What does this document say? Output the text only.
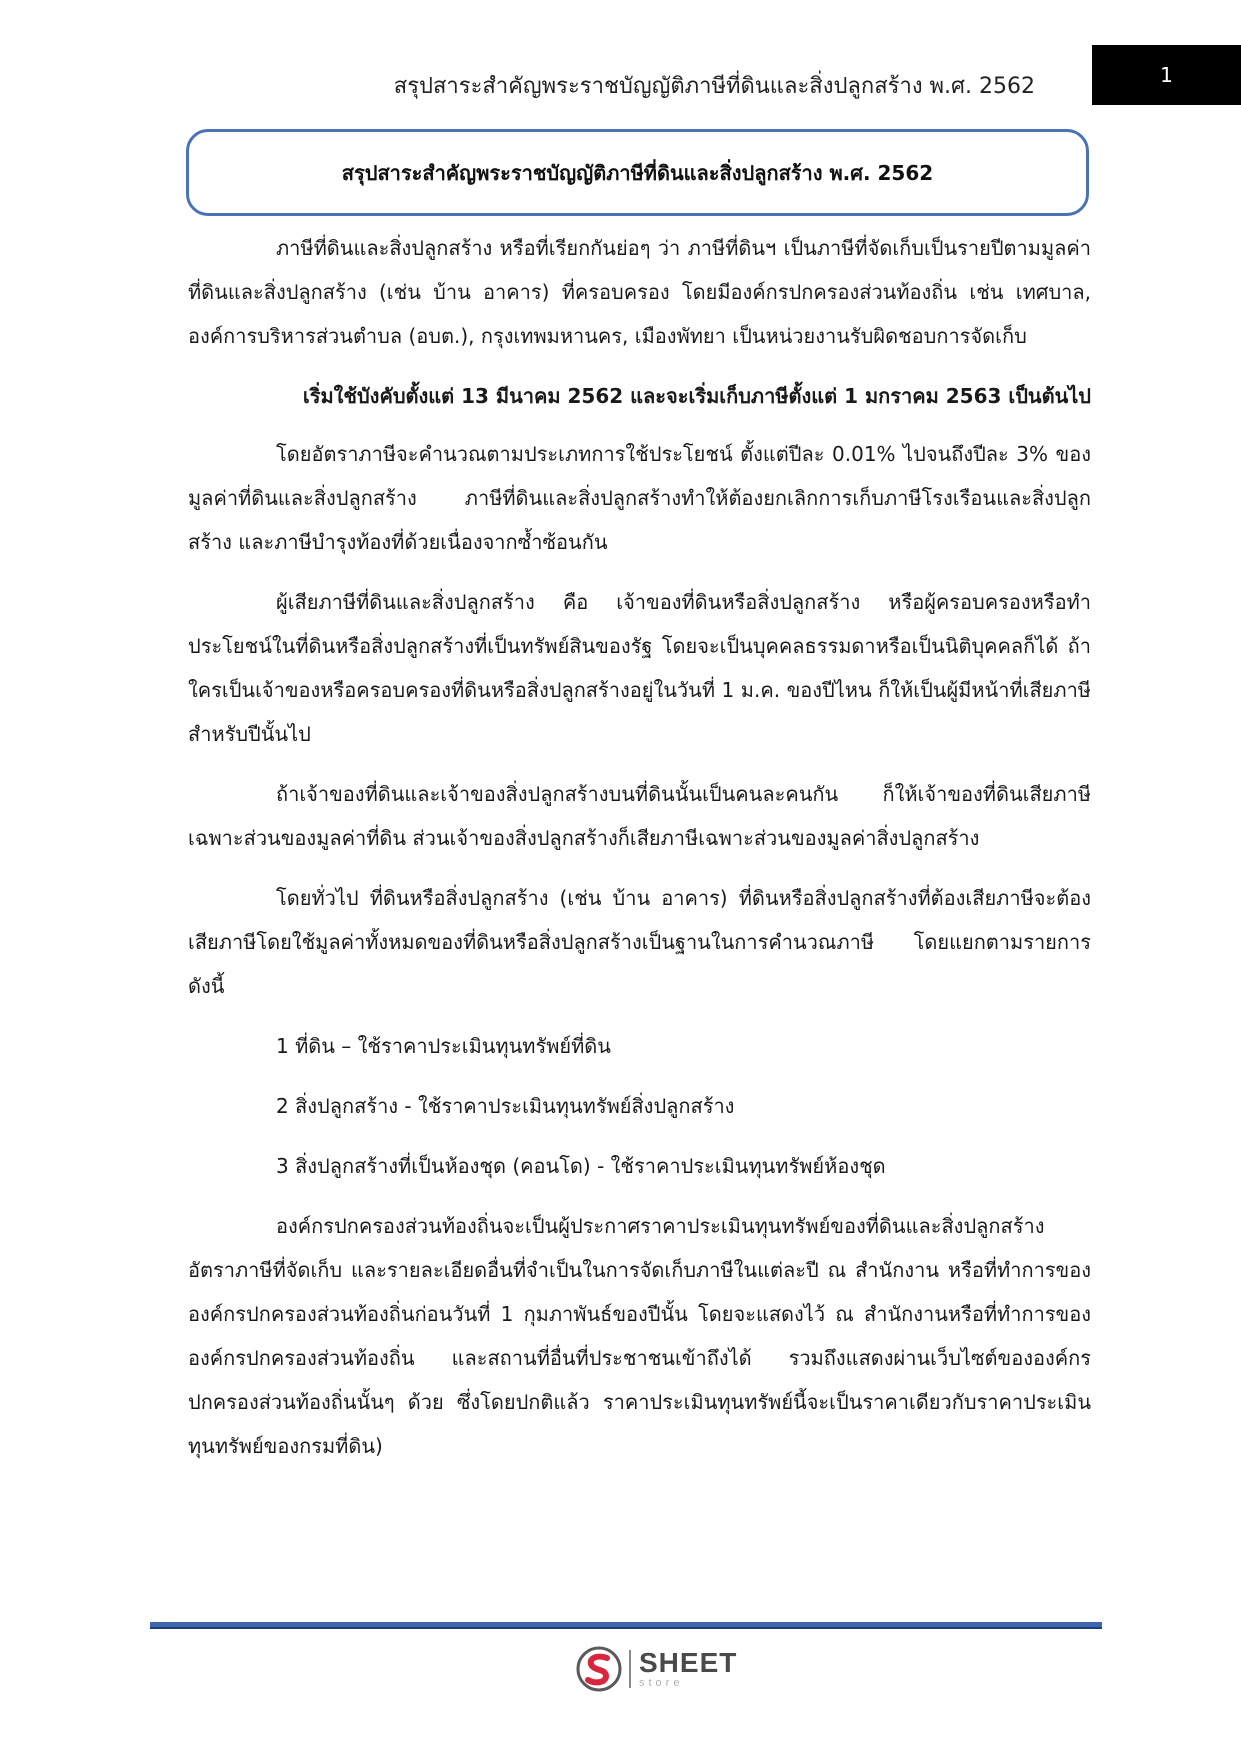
สรุปสาระสำคัญพระราชบัญญัติภาษีที่ดินและสิ่งปลูกสร้าง พ.ศ. 2562	1
สรุปสาระสำคัญพระราชบัญญัติภาษีที่ดินและสิ่งปลูกสร้าง พ.ศ. 2562

ภาษีที่ดินและสิ่งปลูกสร้าง หรือที่เรียกกันย่อๆ ว่า ภาษีที่ดินฯ เป็นภาษีที่จัดเก็บเป็นรายปีตามมูลค่าที่ดินและสิ่งปลูกสร้าง (เช่น บ้าน อาคาร) ที่ครอบครอง โดยมีองค์กรปกครองส่วนท้องถิ่น เช่น เทศบาล, องค์การบริหารส่วนตำบล (อบต.), กรุงเทพมหานคร, เมืองพัทยา เป็นหน่วยงานรับผิดชอบการจัดเก็บ

เริ่มใช้บังคับตั้งแต่ 13 มีนาคม 2562 และจะเริ่มเก็บภาษีตั้งแต่ 1 มกราคม 2563 เป็นต้นไป

โดยอัตราภาษีจะคำนวณตามประเภทการใช้ประโยชน์ ตั้งแต่ปีละ 0.01% ไปจนถึงปีละ 3% ของมูลค่าที่ดินและสิ่งปลูกสร้าง ภาษีที่ดินและสิ่งปลูกสร้างทำให้ต้องยกเลิกการเก็บภาษีโรงเรือนและสิ่งปลูกสร้าง และภาษีบำรุงท้องที่ด้วยเนื่องจากซ้ำซ้อนกัน

ผู้เสียภาษีที่ดินและสิ่งปลูกสร้าง คือ เจ้าของที่ดินหรือสิ่งปลูกสร้าง หรือผู้ครอบครองหรือทำประโยชน์ในที่ดินหรือสิ่งปลูกสร้างที่เป็นทรัพย์สินของรัฐ โดยจะเป็นบุคคลธรรมดาหรือเป็นนิติบุคคลก็ได้ ถ้าใครเป็นเจ้าของหรือครอบครองที่ดินหรือสิ่งปลูกสร้างอยู่ในวันที่ 1 ม.ค. ของปีไหน ก็ให้เป็นผู้มีหน้าที่เสียภาษีสำหรับปีนั้นไป

ถ้าเจ้าของที่ดินและเจ้าของสิ่งปลูกสร้างบนที่ดินนั้นเป็นคนละคนกัน ก็ให้เจ้าของที่ดินเสียภาษีเฉพาะส่วนของมูลค่าที่ดิน ส่วนเจ้าของสิ่งปลูกสร้างก็เสียภาษีเฉพาะส่วนของมูลค่าสิ่งปลูกสร้าง

โดยทั่วไป ที่ดินหรือสิ่งปลูกสร้าง (เช่น บ้าน อาคาร) ที่ดินหรือสิ่งปลูกสร้างที่ต้องเสียภาษีจะต้องเสียภาษีโดยใช้มูลค่าทั้งหมดของที่ดินหรือสิ่งปลูกสร้างเป็นฐานในการคำนวณภาษี โดยแยกตามรายการดังนี้

1 ที่ดิน – ใช้ราคาประเมินทุนทรัพย์ที่ดิน
2 สิ่งปลูกสร้าง - ใช้ราคาประเมินทุนทรัพย์สิ่งปลูกสร้าง
3 สิ่งปลูกสร้างที่เป็นห้องชุด (คอนโด) - ใช้ราคาประเมินทุนทรัพย์ห้องชุด

องค์กรปกครองส่วนท้องถิ่นจะเป็นผู้ประกาศราคาประเมินทุนทรัพย์ของที่ดินและสิ่งปลูกสร้าง อัตราภาษีที่จัดเก็บ และรายละเอียดอื่นที่จำเป็นในการจัดเก็บภาษีในแต่ละปี ณ สำนักงาน หรือที่ทำการขององค์กรปกครองส่วนท้องถิ่นก่อนวันที่ 1 กุมภาพันธ์ของปีนั้น โดยจะแสดงไว้ ณ สำนักงานหรือที่ทำการขององค์กรปกครองส่วนท้องถิ่น และสถานที่อื่นที่ประชาชนเข้าถึงได้ รวมถึงแสดงผ่านเว็บไซต์ขององค์กรปกครองส่วนท้องถิ่นนั้นๆ ด้วย ซึ่งโดยปกติแล้ว ราคาประเมินทุนทรัพย์นี้จะเป็นราคาเดียวกับราคาประเมินทุนทรัพย์ของกรมที่ดิน)

SHEET
store
